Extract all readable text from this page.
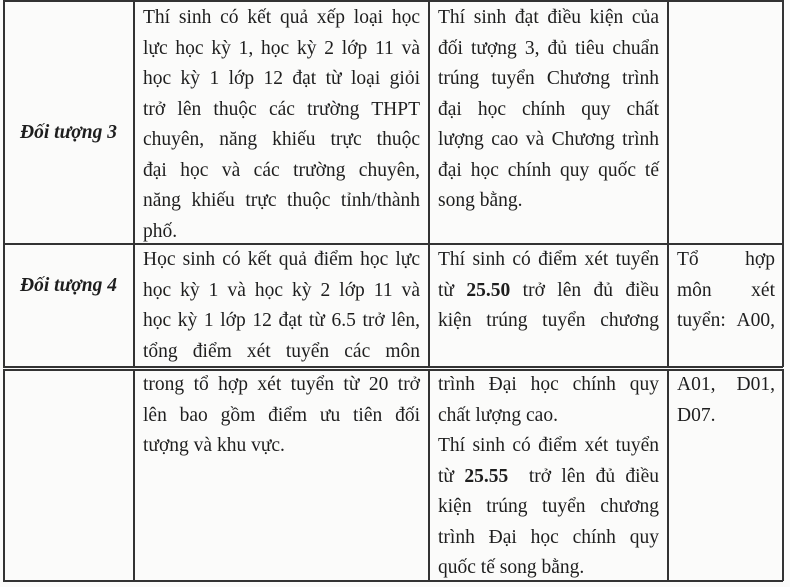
Đối tượng 3
Thí sinh có kết quả xếp loại học
lực học kỳ 1, học kỳ 2 lớp 11 và
học kỳ 1 lớp 12 đạt từ loại giỏi
trở lên thuộc các trường THPT
chuyên, năng khiếu trực thuộc
đại học và các trường chuyên,
năng khiếu trực thuộc tỉnh/thành
phố.
Thí sinh đạt điều kiện của
đối tượng 3, đủ tiêu chuẩn
trúng tuyển Chương trình
đại học chính quy chất
lượng cao và Chương trình
đại học chính quy quốc tế
song bằng.
Đối tượng 4
Học sinh có kết quả điểm học lực
học kỳ 1 và học kỳ 2 lớp 11 và
học kỳ 1 lớp 12 đạt từ 6.5 trở lên,
tổng điểm xét tuyển các môn
Thí sinh có điểm xét tuyển
từ 25.50 trở lên đủ điều
kiện trúng tuyển chương
Tổ hợp
môn xét
tuyển: A00,
trong tổ hợp xét tuyển từ 20 trở
lên bao gồm điểm ưu tiên đối
tượng và khu vực.
trình Đại học chính quy
chất lượng cao.
Thí sinh có điểm xét tuyển
từ 25.55  trở lên đủ điều
kiện trúng tuyển chương
trình Đại học chính quy
quốc tế song bằng.
A01, D01,
D07.
